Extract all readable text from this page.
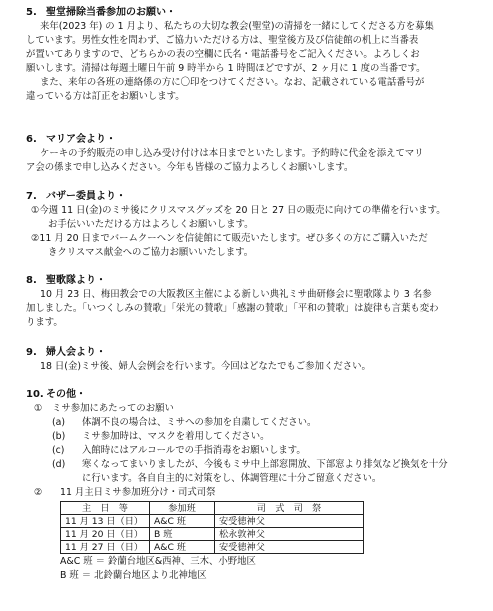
5. 聖堂掃除当番参加のお願い・

来年(2023 年) の 1 月より、私たちの大切な教会(聖堂)の清掃を一緒にしてくださる方を募集

しています。男性女性を問わず、ご協力いただける方は、聖堂後方及び信徒館の机上に当番表

が置いてありますので、どちらかの表の空欄に氏名・電話番号をご記入ください。よろしくお

願いします。清掃は毎週土曜日午前 9 時半から 1 時間ほどですが、2 ヶ月に 1 度の当番です。

また、来年の各班の連絡係の方に〇印をつけてください。なお、記載されている電話番号が

違っている方は訂正をお願いします。

6. マリア会より・

ケーキの予約販売の申し込み受け付けは本日までといたします。予約時に代金を添えてマリ

ア会の係まで申し込みください。今年も皆様のご協力よろしくお願いします。

7. バザー委員より・
① 今週 11 日(金)のミサ後にクリスマスグッズを 20 日と 27 日の販売に向けての準備を行います。

お手伝いいただける方はよろしくお願いします。

② 11 月 20 日までバームクーヘンを信徒館にて販売いたします。ぜひ多くの方にご購入いただ

きクリスマス献金へのご協力お願いいたします。

8. 聖歌隊より・

10 月 23 日、梅田教会での大阪教区主催による新しい典礼ミサ曲研修会に聖歌隊より 3 名参

加しました。「いつくしみの賛歌」「栄光の賛歌」「感謝の賛歌」「平和の賛歌」は旋律も言葉も変わ

ります。

9. 婦人会より・

18 日(金)ミサ後、婦人会例会を行います。今回はどなたでもご参加ください。

10. その他・
①	ミサ参加にあたってのお願い
(a)	体調不良の場合は、ミサへの参加を自粛してください。
(b)	ミサ参加時は、マスクを着用してください。
(c)	入館時にはアルコールでの手指消毒をお願いします。
(d)	寒くなってまいりましたが、今後もミサ中上部窓開放、下部窓より排気など換気を十分

に行います。各自自主的に対策をし、体調管理に十分ご留意ください。

②	11 月主日ミサ参加班分け・司式司祭
主　日　等	参加班	司　式　司　祭
11 月 13 日（日）	A&C 班	安受徳神父
11 月 20 日（日）	B 班	松永敦神父
11 月 27 日（日）	A&C 班	安受徳神父

A&C 班 ＝ 鈴蘭台地区&西神、三木、小野地区

B 班 ＝ 北鈴蘭台地区より北神地区
